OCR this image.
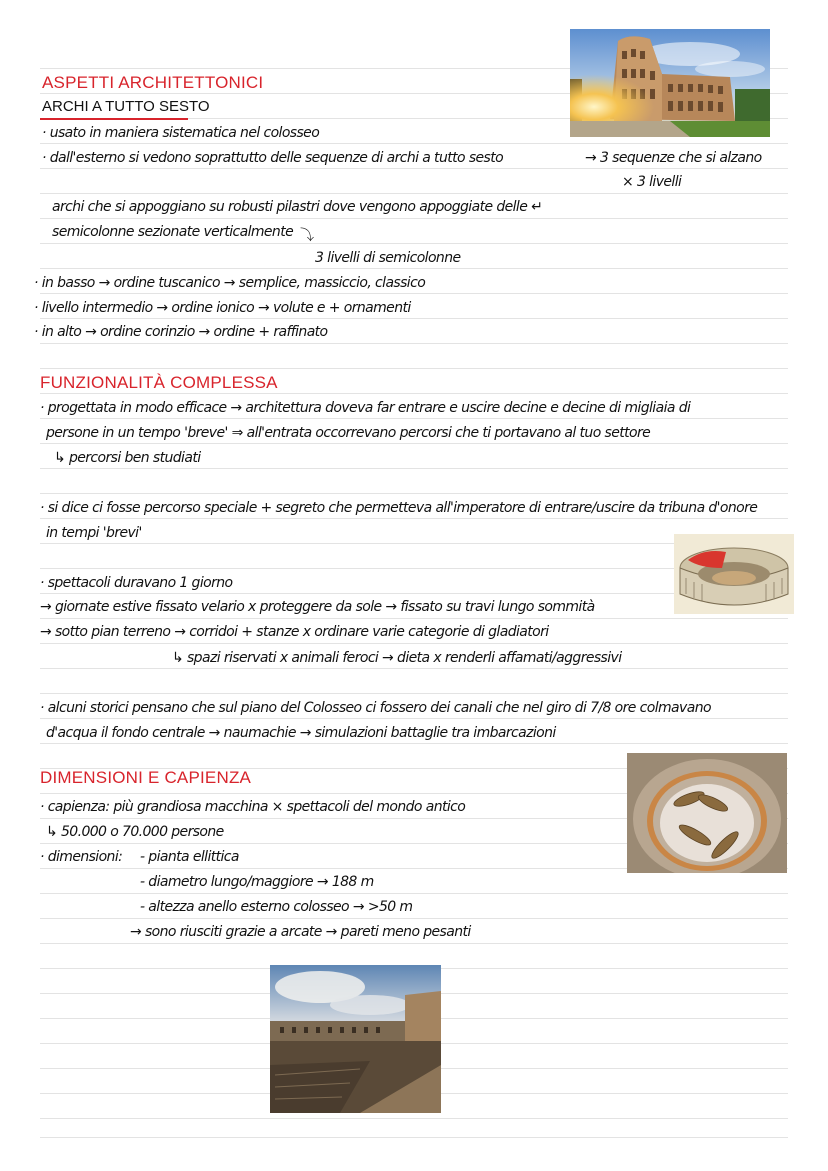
ASPETTI ARCHITETTONICI
ARCHI A TUTTO SESTO
· usato in maniera sistematica nel colosseo
· dall'esterno si vedono soprattutto delle sequenze di archi a tutto sesto	→ 3 sequenze che si alzano
× 3 livelli
archi che si appoggiano su robusti pilastri dove vengono appoggiate delle ↵
semicolonne sezionate verticalmente ⤵
3 livelli di semicolonne
· in basso → ordine tuscanico → semplice, massiccio, classico
· livello intermedio → ordine ionico → volute e + ornamenti
· in alto → ordine corinzio → ordine + raffinato
FUNZIONALITÀ COMPLESSA
· progettata in modo efficace → architettura doveva far entrare e uscire decine e decine di migliaia di
persone in un tempo 'breve' ⇒ all'entrata occorrevano percorsi che ti portavano al tuo settore
↳ percorsi ben studiati
· si dice ci fosse percorso speciale + segreto che permetteva all'imperatore di entrare/uscire da tribuna d'onore
in tempi 'brevi'
· spettacoli duravano 1 giorno
→ giornate estive fissato velario x proteggere da sole → fissato su travi lungo sommità
→ sotto pian terreno → corridoi + stanze x ordinare varie categorie di gladiatori
↳ spazi riservati x animali feroci → dieta x renderli affamati/aggressivi
· alcuni storici pensano che sul piano del Colosseo ci fossero dei canali che nel giro di 7/8 ore colmavano
d'acqua il fondo centrale → naumachie → simulazioni battaglie tra imbarcazioni
DIMENSIONI E CAPIENZA
· capienza: più grandiosa macchina × spettacoli del mondo antico
↳ 50.000 o 70.000 persone
· dimensioni: - pianta ellittica
- diametro lungo/maggiore → 188 m
- altezza anello esterno colosseo → >50 m
→ sono riusciti grazie a arcate → pareti meno pesanti
